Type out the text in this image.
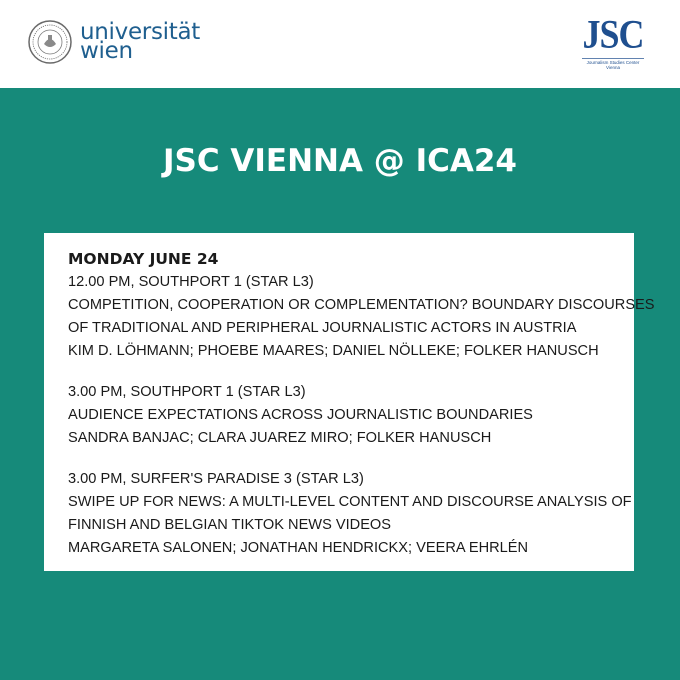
universität
wien	JSC
Journalism Studies Center
Vienna
JSC VIENNA @ ICA24
MONDAY JUNE 24
12.00 PM, SOUTHPORT 1 (STAR L3)
COMPETITION, COOPERATION OR COMPLEMENTATION? BOUNDARY DISCOURSES
OF TRADITIONAL AND PERIPHERAL JOURNALISTIC ACTORS IN AUSTRIA
KIM D. LÖHMANN; PHOEBE MAARES; DANIEL NÖLLEKE; FOLKER HANUSCH
3.00 PM, SOUTHPORT 1 (STAR L3)
AUDIENCE EXPECTATIONS ACROSS JOURNALISTIC BOUNDARIES
SANDRA BANJAC; CLARA JUAREZ MIRO; FOLKER HANUSCH
3.00 PM, SURFER'S PARADISE 3 (STAR L3)
SWIPE UP FOR NEWS: A MULTI-LEVEL CONTENT AND DISCOURSE ANALYSIS OF
FINNISH AND BELGIAN TIKTOK NEWS VIDEOS
MARGARETA SALONEN; JONATHAN HENDRICKX; VEERA EHRLÉN
